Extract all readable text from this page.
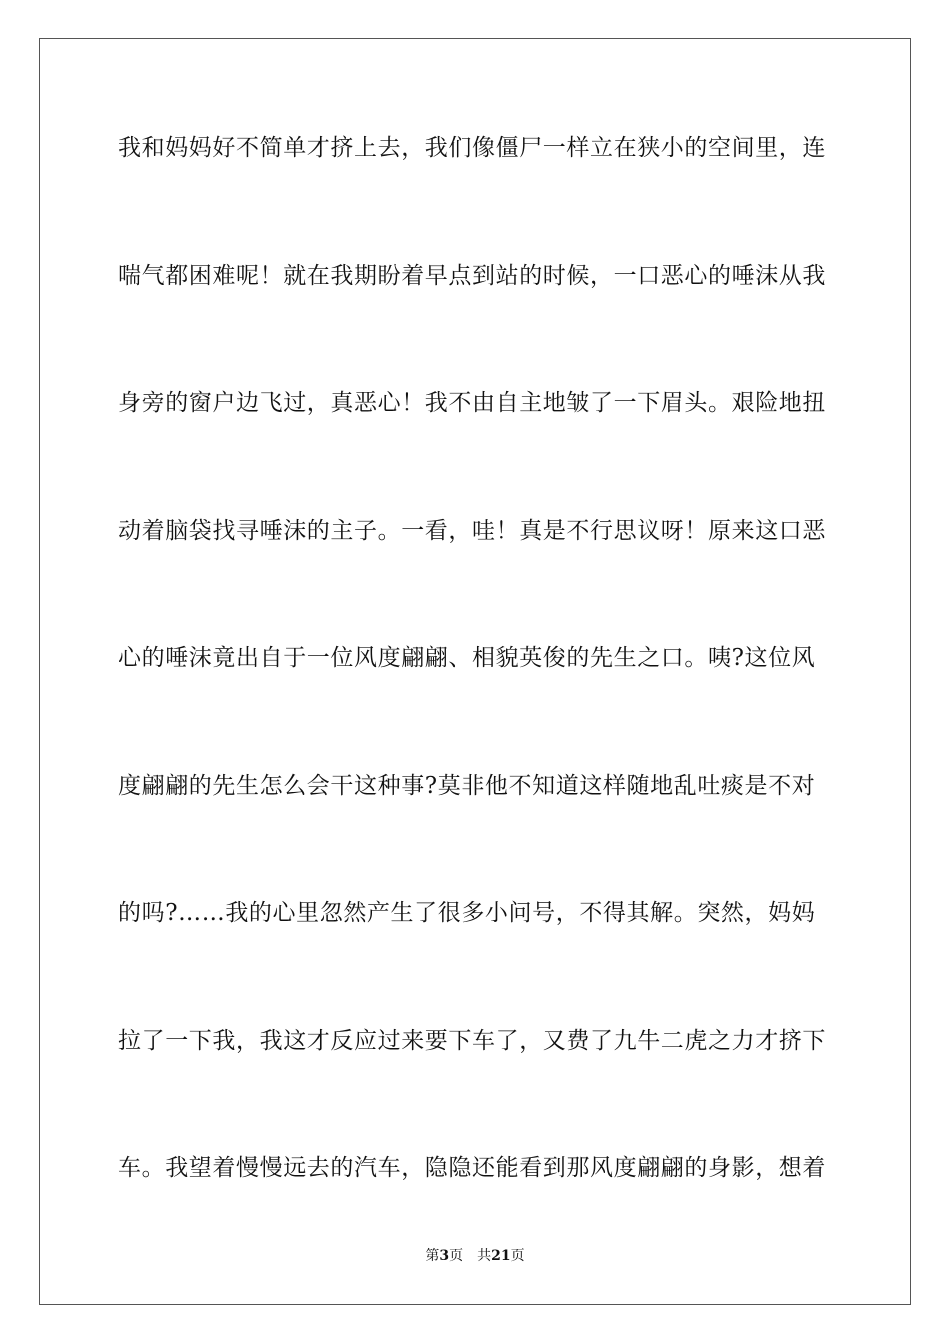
我和妈妈好不简单才挤上去，我们像僵尸一样立在狭小的空间里，连
喘气都困难呢！就在我期盼着早点到站的时候，一口恶心的唾沫从我
身旁的窗户边飞过，真恶心！我不由自主地皱了一下眉头。艰险地扭
动着脑袋找寻唾沫的主子。一看，哇！真是不行思议呀！原来这口恶
心的唾沫竟出自于一位风度翩翩、相貌英俊的先生之口。咦?这位风
度翩翩的先生怎么会干这种事?莫非他不知道这样随地乱吐痰是不对
的吗?……我的心里忽然产生了很多小问号，不得其解。突然，妈妈
拉了一下我，我这才反应过来要下车了，又费了九牛二虎之力才挤下
车。我望着慢慢远去的汽车，隐隐还能看到那风度翩翩的身影，想着
第3页 共21页
